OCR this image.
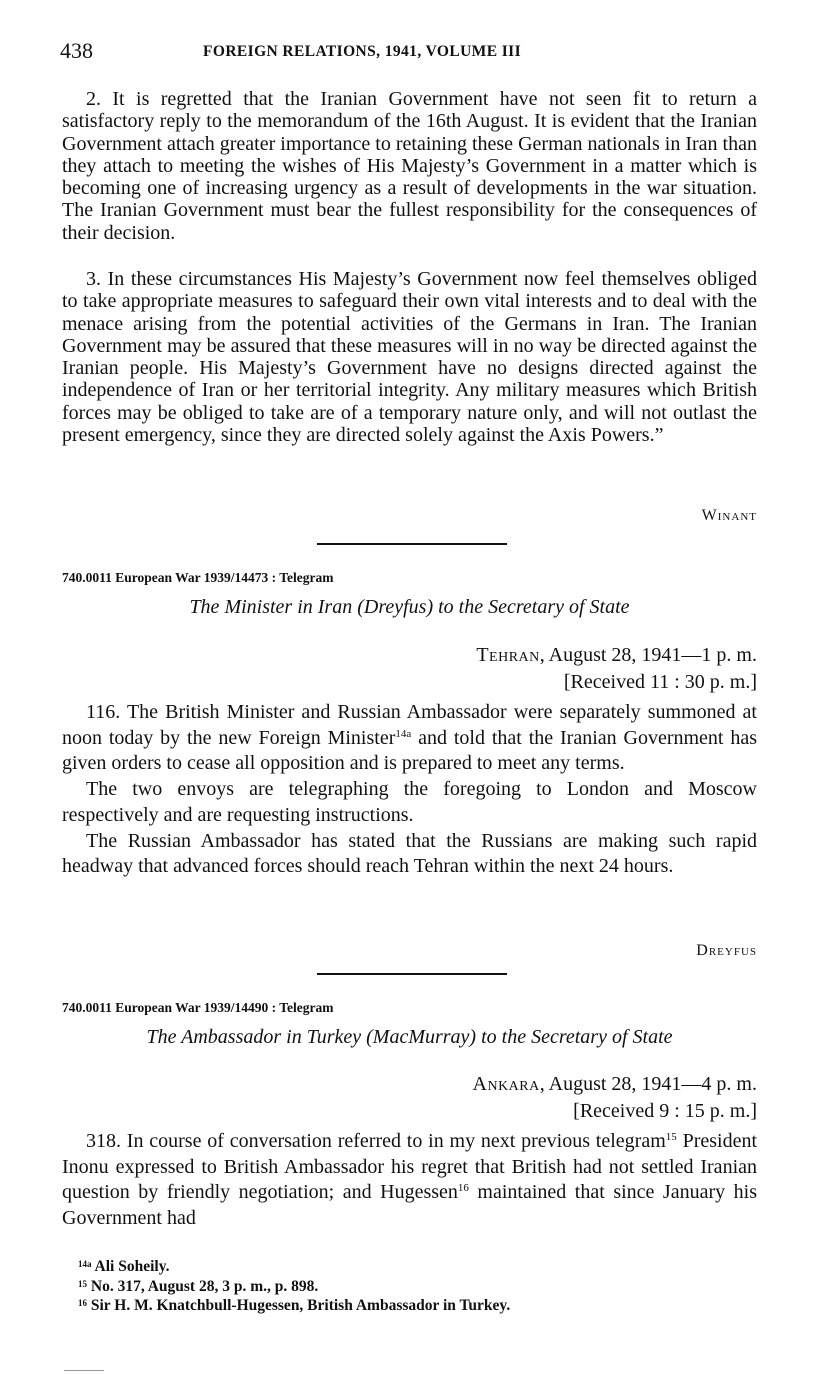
438	FOREIGN RELATIONS, 1941, VOLUME III

2. It is regretted that the Iranian Government have not seen fit to return a satisfactory reply to the memorandum of the 16th August. It is evident that the Iranian Government attach greater importance to retaining these German nationals in Iran than they attach to meeting the wishes of His Majesty’s Government in a matter which is becoming one of increasing urgency as a result of developments in the war situation. The Iranian Government must bear the fullest responsibility for the consequences of their decision.

3. In these circumstances His Majesty’s Government now feel themselves obliged to take appropriate measures to safeguard their own vital interests and to deal with the menace arising from the potential activities of the Germans in Iran. The Iranian Government may be assured that these measures will in no way be directed against the Iranian people. His Majesty’s Government have no designs directed against the independence of Iran or her territorial integrity. Any military measures which British forces may be obliged to take are of a temporary nature only, and will not outlast the present emergency, since they are directed solely against the Axis Powers.”

Winant
740.0011 European War 1939/14473 : Telegram
The Minister in Iran (Dreyfus) to the Secretary of State
Tehran, August 28, 1941—1 p. m.
[Received 11 : 30 p. m.]

116. The British Minister and Russian Ambassador were separately summoned at noon today by the new Foreign Minister$^{14a}$ and told that the Iranian Government has given orders to cease all opposition and is prepared to meet any terms.

The two envoys are telegraphing the foregoing to London and Moscow respectively and are requesting instructions.

The Russian Ambassador has stated that the Russians are making such rapid headway that advanced forces should reach Tehran within the next 24 hours.

Dreyfus
740.0011 European War 1939/14490 : Telegram
The Ambassador in Turkey (MacMurray) to the Secretary of State
Ankara, August 28, 1941—4 p. m.
[Received 9 : 15 p. m.]

318. In course of conversation referred to in my next previous telegram$^{15}$ President Inonu expressed to British Ambassador his regret that British had not settled Iranian question by friendly negotiation; and Hugessen$^{16}$ maintained that since January his Government had

$^{14a}$ Ali Soheily.
$^{15}$ No. 317, August 28, 3 p. m., p. 898.
$^{16}$ Sir H. M. Knatchbull-Hugessen, British Ambassador in Turkey.
